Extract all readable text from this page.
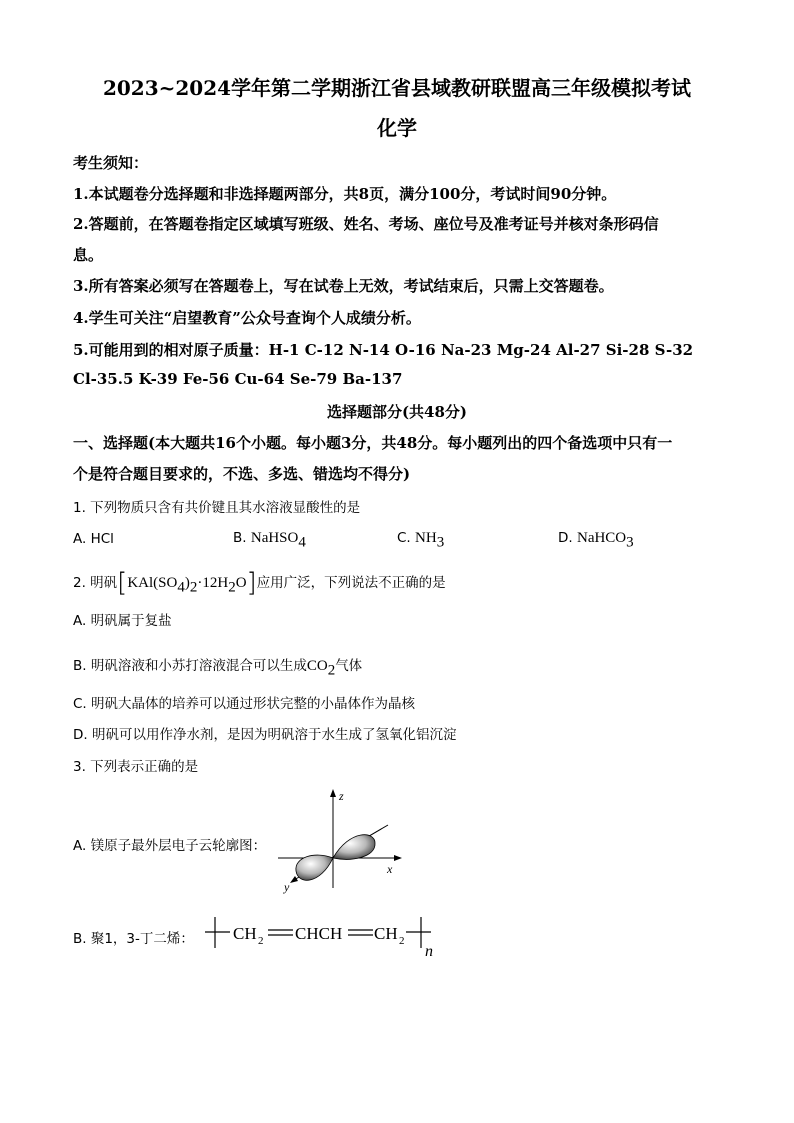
2023~2024学年第二学期浙江省县域教研联盟高三年级模拟考试
化学
考生须知：
1.本试题卷分选择题和非选择题两部分，共8页，满分100分，考试时间90分钟。
2.答题前，在答题卷指定区域填写班级、姓名、考场、座位号及准考证号并核对条形码信
息。
3.所有答案必须写在答题卷上，写在试卷上无效，考试结束后，只需上交答题卷。
4.学生可关注“启望教育”公众号查询个人成绩分析。
5.可能用到的相对原子质量：H-1 C-12 N-14 O-16 Na-23 Mg-24 Al-27 Si-28 S-32
Cl-35.5 K-39 Fe-56 Cu-64 Se-79 Ba-137
选择题部分(共48分)
一、选择题(本大题共16个小题。每小题3分，共48分。每小题列出的四个备选项中只有一
个是符合题目要求的，不选、多选、错选均不得分)
1. 下列物质只含有共价键且其水溶液显酸性的是
A. HCl	B. NaHSO4	C. NH3	D. NaHCO3
2. 明矾[KAl(SO4)2·12H2O]应用广泛，下列说法不正确的是
A. 明矾属于复盐
B. 明矾溶液和小苏打溶液混合可以生成CO2气体
C. 明矾大晶体的培养可以通过形状完整的小晶体作为晶核
D. 明矾可以用作净水剂，是因为明矾溶于水生成了氢氧化铝沉淀
3. 下列表示正确的是
A. 镁原子最外层电子云轮廓图：
z
x
y
B. 聚1，3-丁二烯： CH 2 CHCH CH 2
n
